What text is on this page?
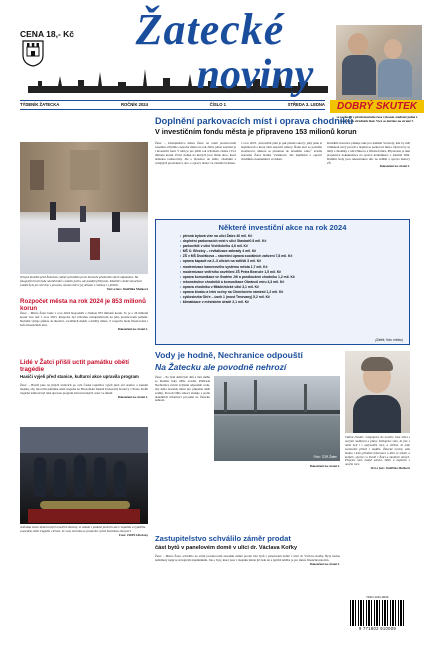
CENA 18,- Kč	Žatecké
noviny
DOBRÝ SKUTEK
se rozhodli v předvánočním čase vykonat studenti jedné z žateckých středních škol. Více se dočtete na straně 7.
TÝDENÍK ŽATECKA	ROČNÍK 2024	ČÍSLO 1	STŘEDA 3. LEDNA
Veřejné kluziště před Žateckou radnicí přivábilo první bruslaře především starší odpoledne. Na fotografii bruslí řada návštěvníků v malém počtu, ale později přibývalo. Kluziště v době vánočních svátků bylo po celé dny v provozu, mnoho lidí si jej užívalo s rodinou i s přáteli.
Text a foto: Jindřiška Mašková
Rozpočet města na rok 2024 je 853 milionů korun
Žatec – Město Žatec bude v roce 2024 hospodařit s částkou 853 milionů korun. To je o 26 milionů korun více než v roce 2023. Rozpočet byl schválen zastupitelstvem na jeho prosincovém jednání. Největší výdaje půjdou do školství, sociálních služeb a údržby města. Z rozpočtu bude financována i řada investičních akcí.
Dokončení na straně 2.
Lidé v Žatci přišli uctít památku obětí tragédie
Hasiči vyjeli před stanice, kulturní akce upravila program
Žatec – Hasiči jako na jiných stanicích po celé České republice vyjeli před své stanice a zapnuli majáky, aby tak uctili památku obětí tragédie na Filozofické fakultě Univerzity Karlovy v Praze. Kvůli tragické události byl také upraven program silvestrovských oslav ve městě.
Dokončení na straně 2.
Jednotka sboru dobrovolných hasičů Libočany se vzdala v podobě pietních akcí i zapálila a vyjádřila sousedem oběti tragédie v Praze. Se svou techniku se postavila i před hasičskou zbrojnici.
Foto: JSDH Libočany
Doplnění parkovacích míst i oprava chodníků
V investičním fondu města je připraveno 153 milionů korun
Žatec – Zastupitelstvo města Žatec na svém prosincovém zasedání schválilo rozpočet města na rok 2024, jehož součástí je i investiční fond. V něm je pro příští rok schválena částka 153,2 milionu korun. První složku na kterých jsou různé akce, které nebudou realizovány. Jde o investice do silnic, chodníků a veřejných prostranství, ale i o opravy budov ve vlastnictví města.
v roce 2023. „Investiční plán je pak přesně takový, jaký jsme si naplánovali a který nám sestavili odbory. Řadu akcí se podařilo zrealizovat, některé se přesunou do letošního roku,“ uvedla starostka Žatce Radka Vlasáková. Jde například o opravu chodníků a komunikací ve městě.
Rozsáhlé investice plánuje také pro náměstí Svobody, kde by měl vzniknout nový povrch a doplnit se parkovací místa. Opravit by se měly i chodníky v ulici Husova a Obránců míru. Připravena je také projektová dokumentace na opravu komunikací v lokalitě Jižní. Dalšími body jsou rekonstrukce ulic na sídlišti a oprava budovy ZŠ.
Dokončení na straně 2.
Některé investiční akce na rok 2024
• přesná bytová vize na ulici Žatec 40 mil. Kč
• doplnění parkovacích míst v ulici Stavbařů 8 mil. Kč
• parkoviště v ulici Vrchlického 4,6 mil. Kč
• MŠ O. Březiny – revitalizace zahrady 4 mil. Kč
• ZŠ v MŠ Dvořákova – stavební úprava sociálních zařízení 7,8 mil. Kč
• oprava kapacit na 2–3 ulicích na sídlišti 3 mil. Kč
• modernizace kamerového systému města 1,7 mil. Kč
• modernizace vnitřního osvětlení ZŠ Petra Bezruče 1,5 mil. Kč
• oprava komunikace ve Svatém Jiří a prodloužení chodníku 1,2 mil. Kč
• rekonstrukce chodníků a komunikace Obránců míru 4,3 mil. Kč
• oprava chodníku v Mládežnické ulici 3,1 mil. Kč
• oprava kiosku a letní scény na Chmelovém náměstí 1,2 mil. Kč
• cyklostezka Ohře – úsek 1 (most Trnovany) 5,2 mil. Kč
• klimatizace v městském úřadě 2,1 mil. Kč
(Zatěk, foto: město)
Vody je hodně, Nechranice odpouští
Na Žatecku ale povodně nehrozí
Žatec – Po řadě deštivých dnů a tání sněhu se hladina řeky Ohře zvedla. Přehrada Nechranice začala zvýšeně odpouštět vodu, aby měla dostatek místa pro případné další srážky. Povodí Ohře situaci sleduje a podle aktuálních informací povodně na Žatecku nehrozí.
Foto: TDR Žatec
Dokončení na straně 2.
Zastupitelstvo schválilo záměr prodat
část bytů v panelovém domě v ulici dr. Václava Kořky
Žatec – Město Žatec schválilo na svém prosincovém zasedání záměr prodat část bytů v panelovém domě v ulici dr. Václava Kořky. Byty budou nabídnuty nejprve stávajícím nájemníkům. Jde o byty, které jsou v majetku města již řadu let a jejichž údržba je pro město finančně náročná.
Dokončení na straně 2.
Vážení čtenáři, vstupujeme do nového roku 2024 s novými nadějemi a plány. Děkujeme vám, že jste s námi byli i v uplynulém roce, a věříme, že nám zachováte přízeň i nadále. Žatecké noviny vám budou i letos přinášet informace o dění ve městě, o kultuře, sportu i o životě v Žatci a okolních obcích. Přejeme vám hodně zdraví, štěstí a úspěchů v novém roce.
Text a foto: Jindřiška Mašková
ISSN 1211-0043
9 771802 910009
